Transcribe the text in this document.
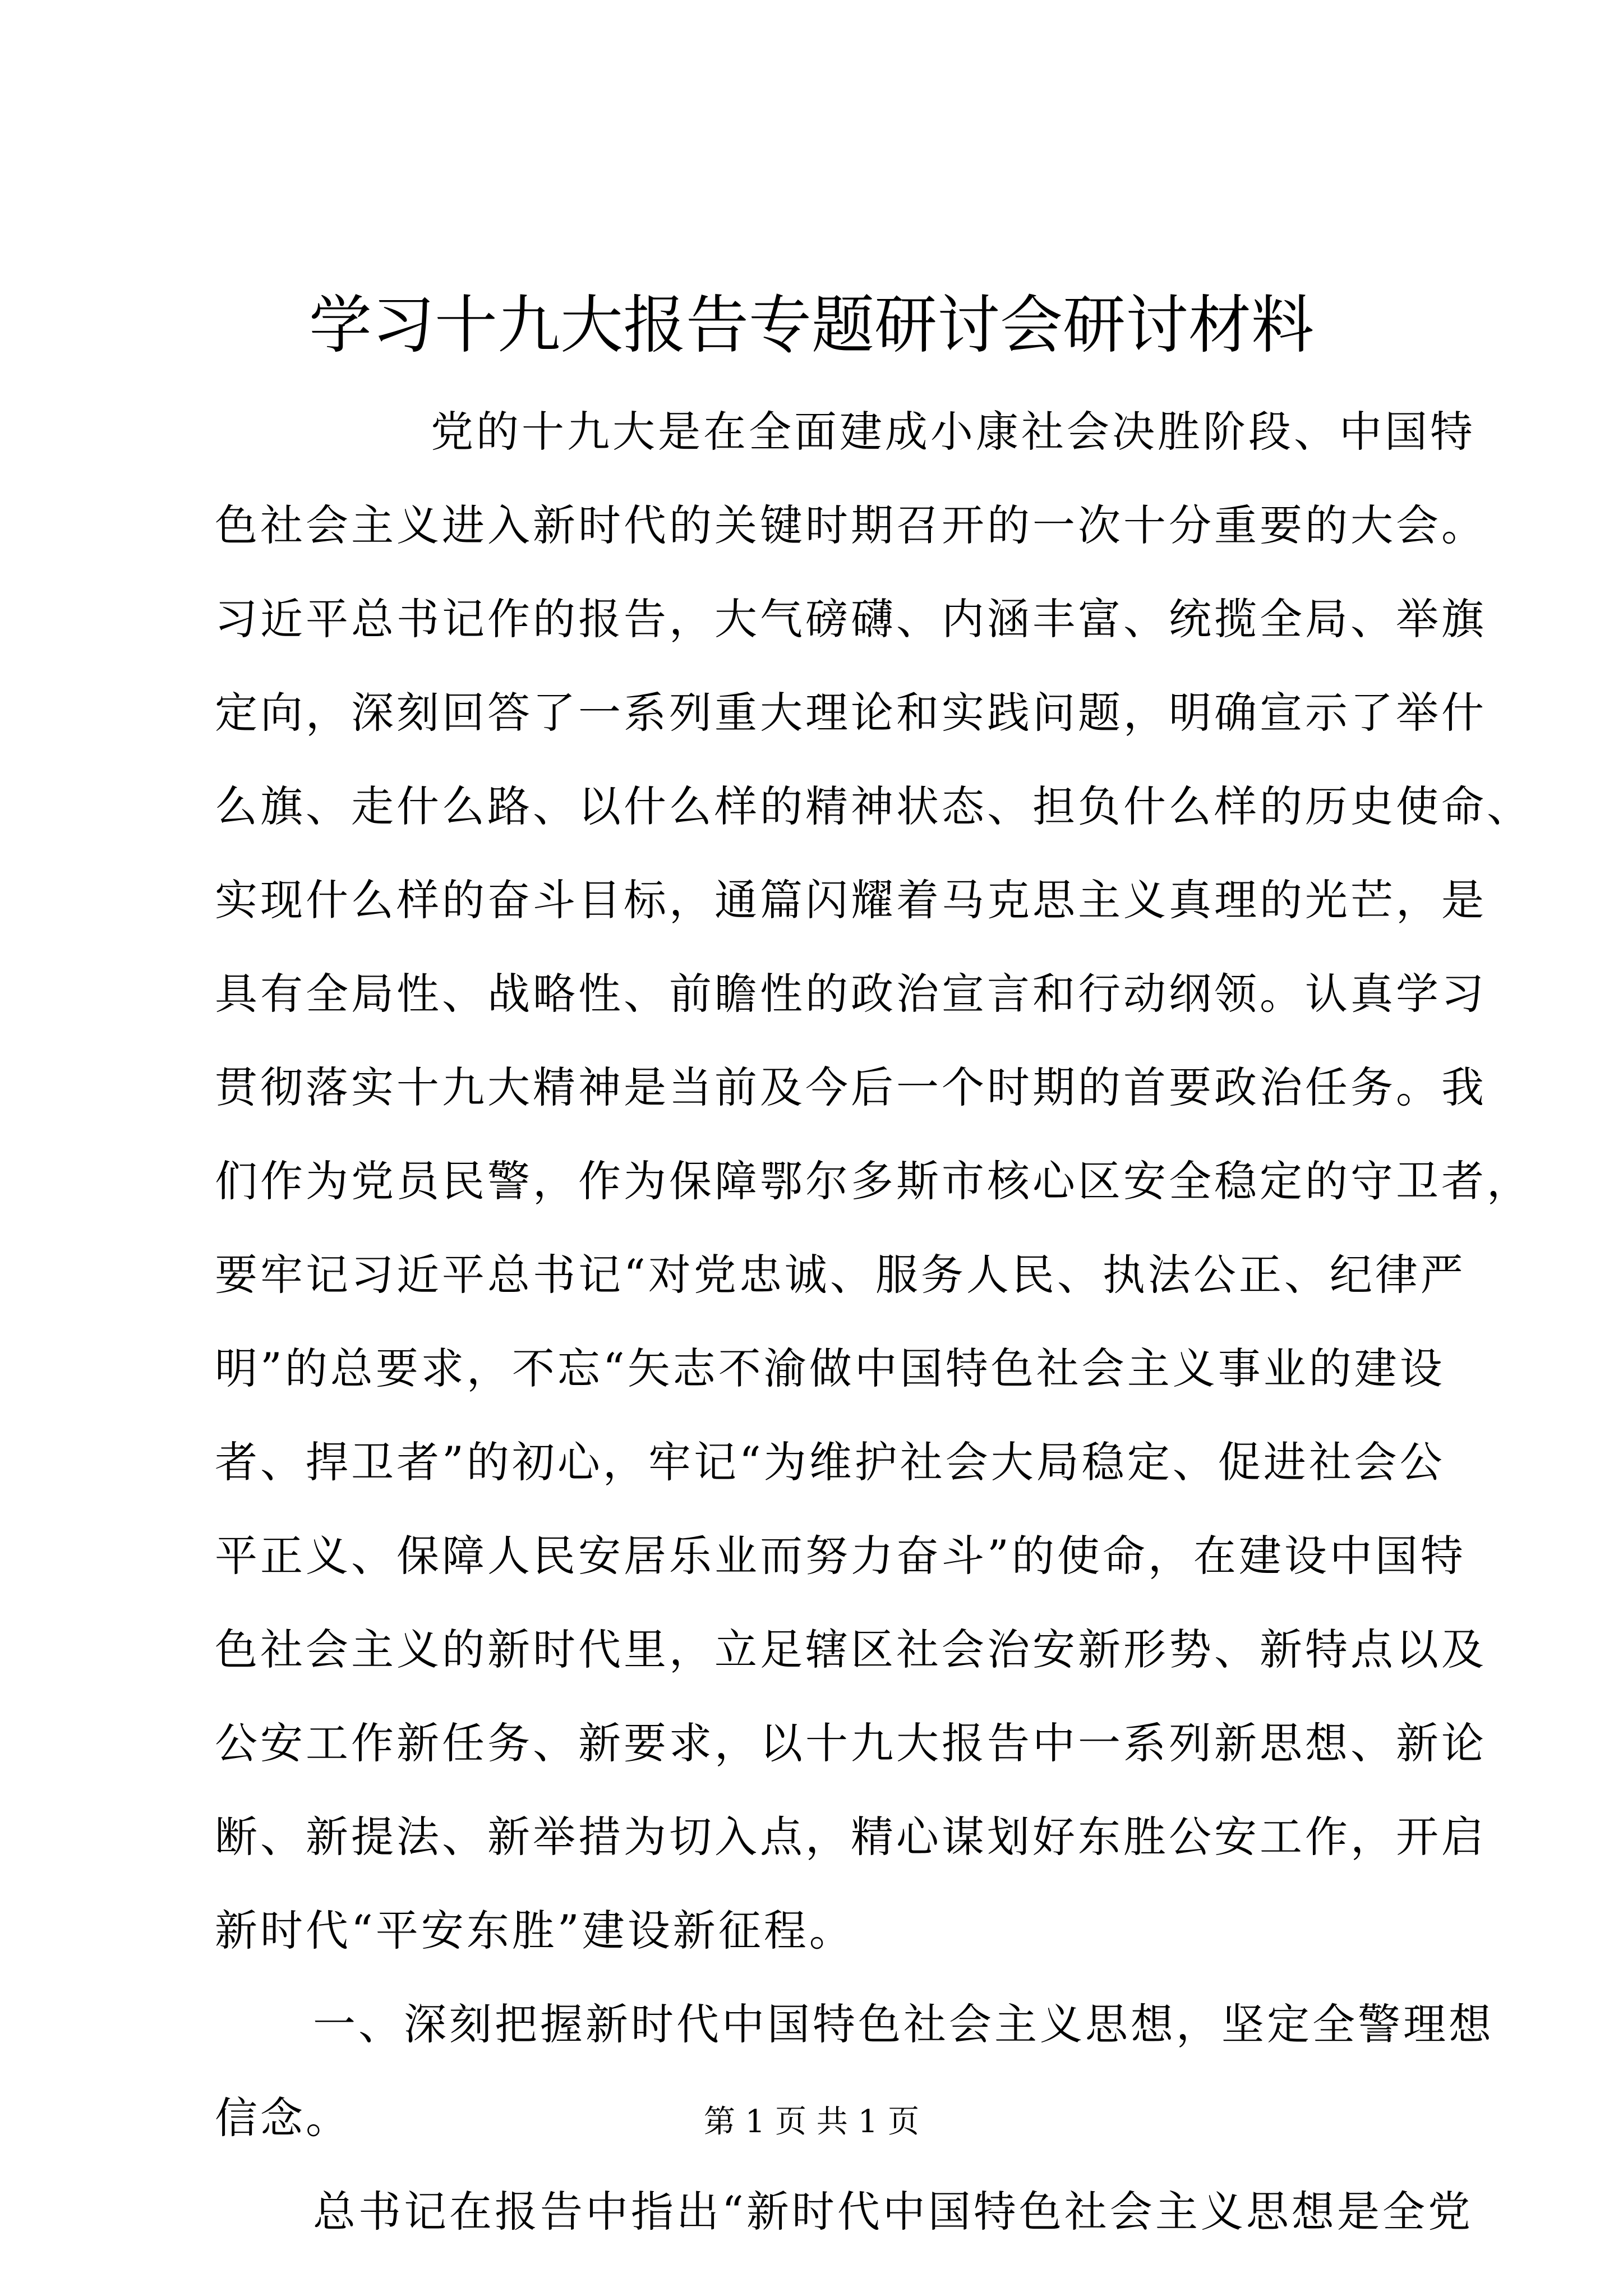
学习十九大报告专题研讨会研讨材料
党的十九大是在全面建成小康社会决胜阶段、中国特
色社会主义进入新时代的关键时期召开的一次十分重要的大会。
习近平总书记作的报告，大气磅礴、内涵丰富、统揽全局、举旗
定向，深刻回答了一系列重大理论和实践问题，明确宣示了举什
么旗、走什么路、以什么样的精神状态、担负什么样的历史使命、
实现什么样的奋斗目标，通篇闪耀着马克思主义真理的光芒，是
具有全局性、战略性、前瞻性的政治宣言和行动纲领。认真学习
贯彻落实十九大精神是当前及今后一个时期的首要政治任务。我
们作为党员民警，作为保障鄂尔多斯市核心区安全稳定的守卫者，
要牢记习近平总书记“对党忠诚、服务人民、执法公正、纪律严
明”的总要求，不忘“矢志不渝做中国特色社会主义事业的建设
者、捍卫者”的初心，牢记“为维护社会大局稳定、促进社会公
平正义、保障人民安居乐业而努力奋斗”的使命，在建设中国特
色社会主义的新时代里，立足辖区社会治安新形势、新特点以及
公安工作新任务、新要求，以十九大报告中一系列新思想、新论
断、新提法、新举措为切入点，精心谋划好东胜公安工作，开启
新时代“平安东胜”建设新征程。
一、深刻把握新时代中国特色社会主义思想，坚定全警理想
信念。
总书记在报告中指出“新时代中国特色社会主义思想是全党
第 1 页 共 1 页
